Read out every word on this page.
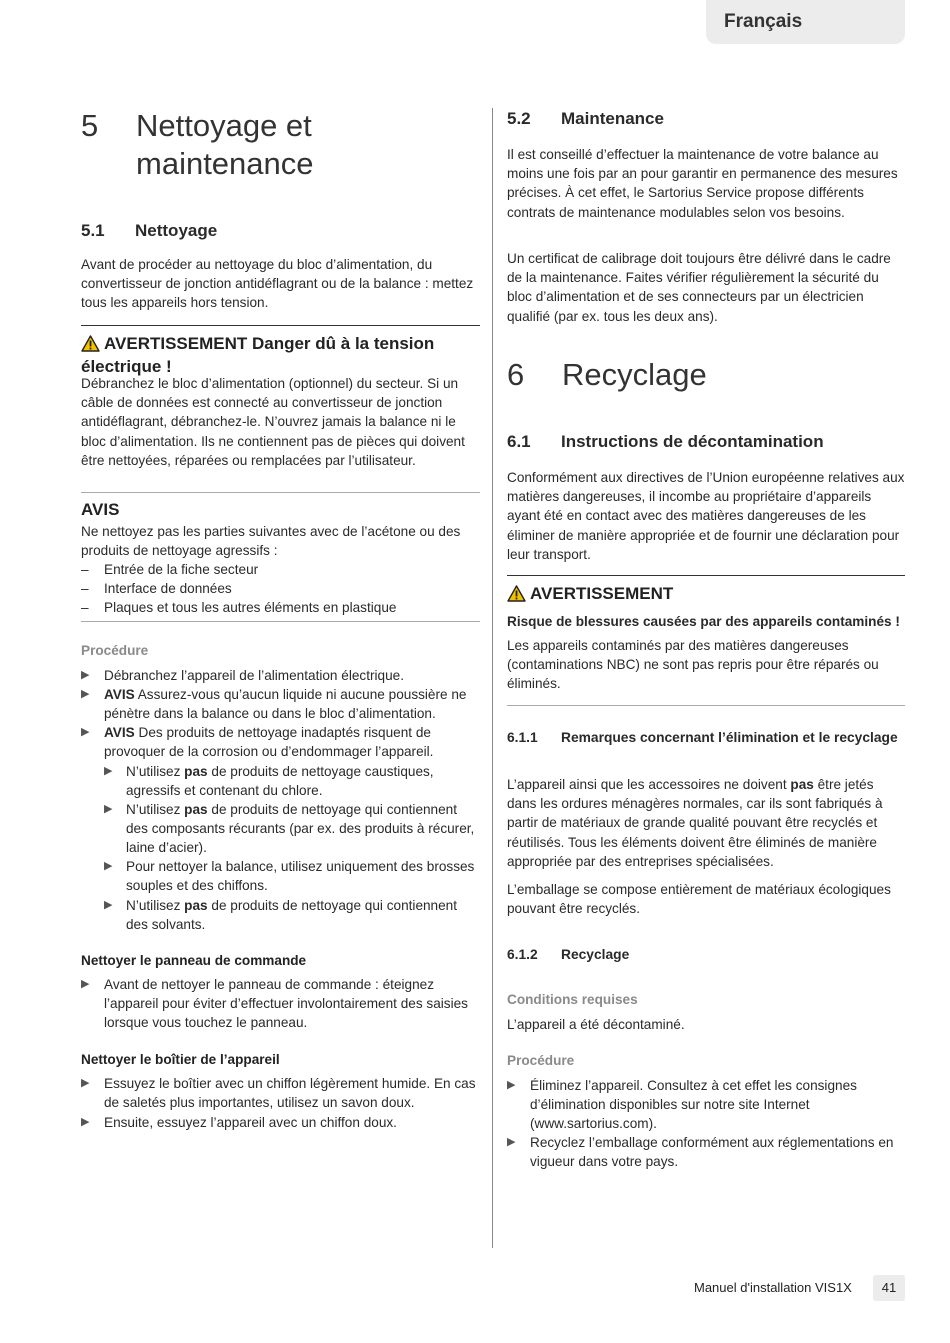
Français
5 Nettoyage et
maintenance
5.1 Nettoyage
Avant de procéder au nettoyage du bloc d’alimentation, du convertisseur de jonction antidéflagrant ou de la balance : mettez tous les appareils hors tension.
AVERTISSEMENT Danger dû à la tension électrique !
Débranchez le bloc d’alimentation (optionnel) du secteur. Si un câble de données est connecté au convertisseur de jonction antidéflagrant, débranchez-le. N’ouvrez jamais la balance ni le bloc d’alimentation. Ils ne contiennent pas de pièces qui doivent être nettoyées, réparées ou remplacées par l’utilisateur.
AVIS
Ne nettoyez pas les parties suivantes avec de l’acétone ou des produits de nettoyage agressifs :
– Entrée de la fiche secteur
– Interface de données
– Plaques et tous les autres éléments en plastique
Procédure
▶ Débranchez l’appareil de l’alimentation électrique.
▶ AVIS Assurez-vous qu’aucun liquide ni aucune poussière ne pénètre dans la balance ou dans le bloc d’alimentation.
▶ AVIS Des produits de nettoyage inadaptés risquent de provoquer de la corrosion ou d’endommager l’appareil.
▶ N’utilisez pas de produits de nettoyage caustiques, agressifs et contenant du chlore.
▶ N’utilisez pas de produits de nettoyage qui contiennent des composants récurants (par ex. des produits à récurer, laine d’acier).
▶ Pour nettoyer la balance, utilisez uniquement des brosses souples et des chiffons.
▶ N’utilisez pas de produits de nettoyage qui contiennent des solvants.
Nettoyer le panneau de commande
▶ Avant de nettoyer le panneau de commande : éteignez l’appareil pour éviter d’effectuer involontairement des saisies lorsque vous touchez le panneau.
Nettoyer le boîtier de l’appareil
▶ Essuyez le boîtier avec un chiffon légèrement humide. En cas de saletés plus importantes, utilisez un savon doux.
▶ Ensuite, essuyez l’appareil avec un chiffon doux.
5.2 Maintenance
Il est conseillé d’effectuer la maintenance de votre balance au moins une fois par an pour garantir en permanence des mesures précises. À cet effet, le Sartorius Service propose différents contrats de maintenance modulables selon vos besoins.
Un certificat de calibrage doit toujours être délivré dans le cadre de la maintenance. Faites vérifier régulièrement la sécurité du bloc d’alimentation et de ses connecteurs par un électricien qualifié (par ex. tous les deux ans).
6 Recyclage
6.1 Instructions de décontamination
Conformément aux directives de l’Union européenne relatives aux matières dangereuses, il incombe au propriétaire d’appareils ayant été en contact avec des matières dangereuses de les éliminer de manière appropriée et de fournir une déclaration pour leur transport.
AVERTISSEMENT
Risque de blessures causées par des appareils contaminés !
Les appareils contaminés par des matières dangereuses (contaminations NBC) ne sont pas repris pour être réparés ou éliminés.
6.1.1 Remarques concernant l’élimination et le recyclage
L’appareil ainsi que les accessoires ne doivent pas être jetés dans les ordures ménagères normales, car ils sont fabriqués à partir de matériaux de grande qualité pouvant être recyclés et réutilisés. Tous les éléments doivent être éliminés de manière appropriée par des entreprises spécialisées.
L’emballage se compose entièrement de matériaux écologiques pouvant être recyclés.
6.1.2 Recyclage
Conditions requises
L’appareil a été décontaminé.
Procédure
▶ Éliminez l’appareil. Consultez à cet effet les consignes d’élimination disponibles sur notre site Internet (www.sartorius.com).
▶ Recyclez l’emballage conformément aux réglementations en vigueur dans votre pays.
Manuel d'installation VIS1X	41
